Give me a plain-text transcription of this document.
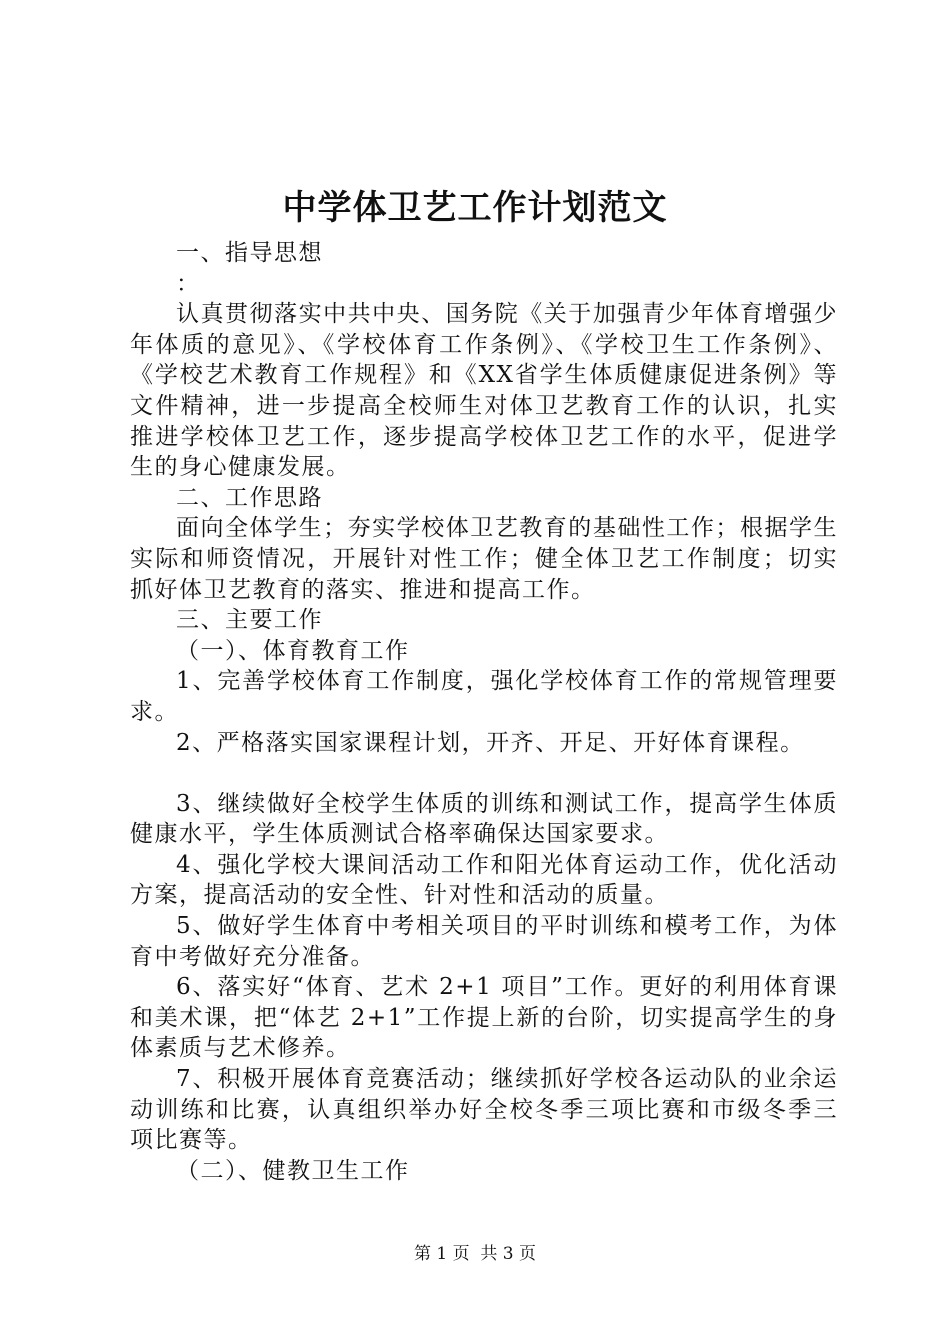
中学体卫艺工作计划范文

一、指导思想

：

认真贯彻落实中共中央、国务院《关于加强青少年体育增强少年体质的意见》、《学校体育工作条例》、《学校卫生工作条例》、《学校艺术教育工作规程》和《XX省学生体质健康促进条例》等文件精神，进一步提高全校师生对体卫艺教育工作的认识，扎实推进学校体卫艺工作，逐步提高学校体卫艺工作的水平，促进学生的身心健康发展。

二、工作思路

面向全体学生；夯实学校体卫艺教育的基础性工作；根据学生实际和师资情况，开展针对性工作；健全体卫艺工作制度；切实抓好体卫艺教育的落实、推进和提高工作。

三、主要工作

（一）、体育教育工作

1、完善学校体育工作制度，强化学校体育工作的常规管理要求。

2、严格落实国家课程计划，开齐、开足、开好体育课程。

3、继续做好全校学生体质的训练和测试工作，提高学生体质健康水平，学生体质测试合格率确保达国家要求。

4、强化学校大课间活动工作和阳光体育运动工作，优化活动方案，提高活动的安全性、针对性和活动的质量。

5、做好学生体育中考相关项目的平时训练和模考工作，为体育中考做好充分准备。

6、落实好“体育、艺术 2+1 项目”工作。更好的利用体育课和美术课，把“体艺 2+1”工作提上新的台阶，切实提高学生的身体素质与艺术修养。

7、积极开展体育竞赛活动；继续抓好学校各运动队的业余运动训练和比赛，认真组织举办好全校冬季三项比赛和市级冬季三项比赛等。

（二）、健教卫生工作

第 1 页  共 3 页
